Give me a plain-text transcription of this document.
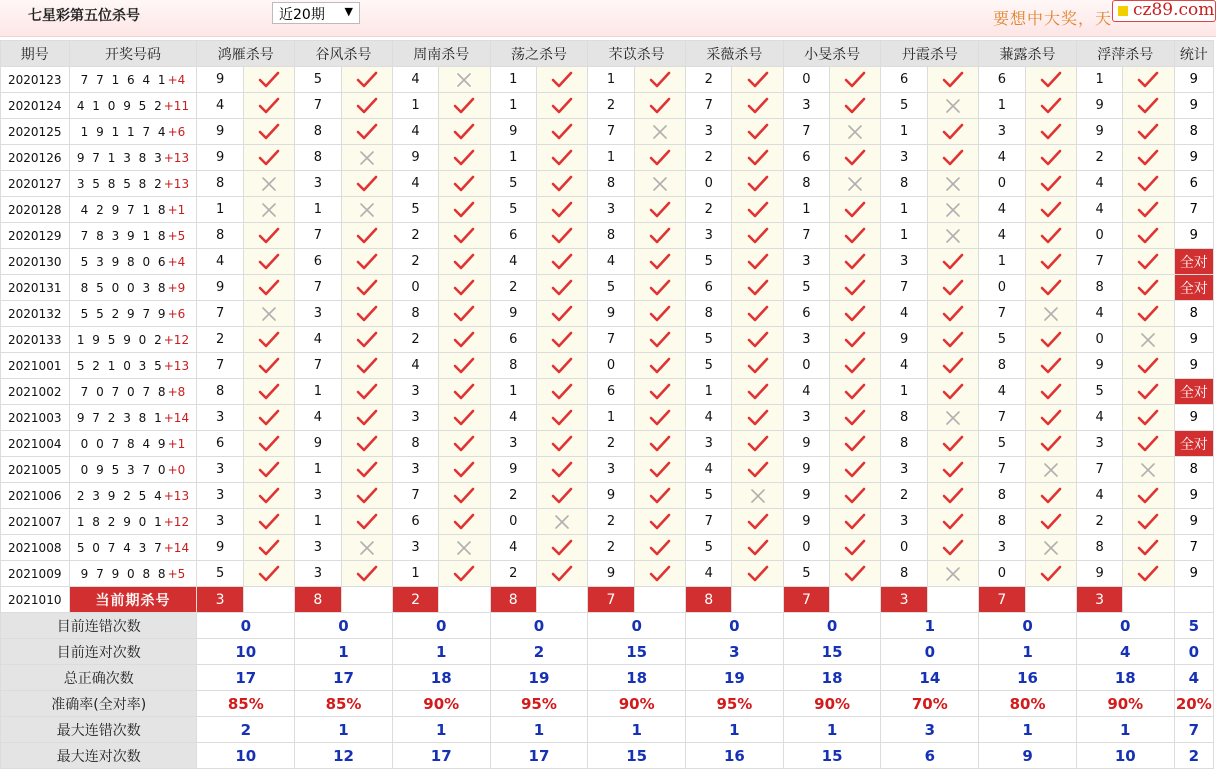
七星彩第五位杀号	近20期 ▼	要想中大奖，天 cz89.com
期号	开奖号码	鸿雁杀号		谷风杀号		周南杀号		荡之杀号		芣苡杀号		采薇杀号		小旻杀号		丹霞杀号		蒹露杀号		浮萍杀号		统计
2020123	7 7 1 6 4 1+4	9		5		4		1		1		2		0		6		6		1		9
2020124	4 1 0 9 5 2+11	4		7		1		1		2		7		3		5		1		9		9
2020125	1 9 1 1 7 4+6	9		8		4		9		7		3		7		1		3		9		8
2020126	9 7 1 3 8 3+13	9		8		9		1		1		2		6		3		4		2		9
2020127	3 5 8 5 8 2+13	8		3		4		5		8		0		8		8		0		4		6
2020128	4 2 9 7 1 8+1	1		1		5		5		3		2		1		1		4		4		7
2020129	7 8 3 9 1 8+5	8		7		2		6		8		3		7		1		4		0		9
2020130	5 3 9 8 0 6+4	4		6		2		4		4		5		3		3		1		7		全对
2020131	8 5 0 0 3 8+9	9		7		0		2		5		6		5		7		0		8		全对
2020132	5 5 2 9 7 9+6	7		3		8		9		9		8		6		4		7		4		8
2020133	1 9 5 9 0 2+12	2		4		2		6		7		5		3		9		5		0		9
2021001	5 2 1 0 3 5+13	7		7		4		8		0		5		0		4		8		9		9
2021002	7 0 7 0 7 8+8	8		1		3		1		6		1		4		1		4		5		全对
2021003	9 7 2 3 8 1+14	3		4		3		4		1		4		3		8		7		4		9
2021004	0 0 7 8 4 9+1	6		9		8		3		2		3		9		8		5		3		全对
2021005	0 9 5 3 7 0+0	3		1		3		9		3		4		9		3		7		7		8
2021006	2 3 9 2 5 4+13	3		3		7		2		9		5		9		2		8		4		9
2021007	1 8 2 9 0 1+12	3		1		6		0		2		7		9		3		8		2		9
2021008	5 0 7 4 3 7+14	9		3		3		4		2		5		0		0		3		8		7
2021009	9 7 9 0 8 8+5	5		3		1		2		9		4		5		8		0		9		9
2021010	当前期杀号	3		8		2		8		7		8		7		3		7		3		
目前连错次数		0		0		0		0		0		0		0		1		0		0		5
目前连对次数		10		1		1		2		15		3		15		0		1		4		0
总正确次数		17		17		18		19		18		19		18		14		16		18		4
准确率(全对率)		85%		85%		90%		95%		90%		95%		90%		70%		80%		90%		20%
最大连错次数		2		1		1		1		1		1		1		3		1		1		7
最大连对次数		10		12		17		17		15		16		15		6		9		10		2
